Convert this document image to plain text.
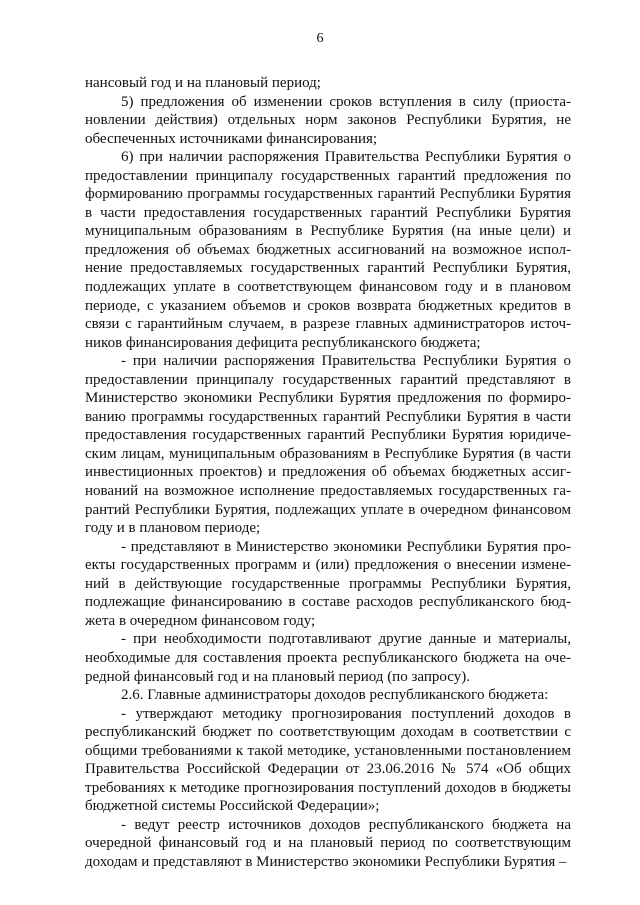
6

нансовый год и на плановый период;

5) предложения об изменении сроков вступления в силу (приостановлении действия) отдельных норм законов Республики Бурятия, не обеспеченных источниками финансирования;

6) при наличии распоряжения Правительства Республики Бурятия о предоставлении принципалу государственных гарантий предложения по формированию программы государственных гарантий Республики Бурятия в части предоставления государственных гарантий Республики Бурятия муниципальным образованиям в Республике Бурятия (на иные цели) и предложения об объемах бюджетных ассигнований на возможное исполнение предоставляемых государственных гарантий Республики Бурятия, подлежащих уплате в соответствующем финансовом году и в плановом периоде, с указанием объемов и сроков возврата бюджетных кредитов в связи с гарантийным случаем, в разрезе главных администраторов источников финансирования дефицита республиканского бюджета;

- при наличии распоряжения Правительства Республики Бурятия о предоставлении принципалу государственных гарантий представляют в Министерство экономики Республики Бурятия предложения по формированию программы государственных гарантий Республики Бурятия в части предоставления государственных гарантий Республики Бурятия юридическим лицам, муниципальным образованиям в Республике Бурятия (в части инвестиционных проектов) и предложения об объемах бюджетных ассигнований на возможное исполнение предоставляемых государственных гарантий Республики Бурятия, подлежащих уплате в очередном финансовом году и в плановом периоде;

- представляют в Министерство экономики Республики Бурятия проекты государственных программ и (или) предложения о внесении изменений в действующие государственные программы Республики Бурятия, подлежащие финансированию в составе расходов республиканского бюджета в очередном финансовом году;

- при необходимости подготавливают другие данные и материалы, необходимые для составления проекта республиканского бюджета на очередной финансовый год и на плановый период (по запросу).

2.6. Главные администраторы доходов республиканского бюджета:

- утверждают методику прогнозирования поступлений доходов в республиканский бюджет по соответствующим доходам в соответствии с общими требованиями к такой методике, установленными постановлением Правительства Российской Федерации от 23.06.2016 № 574 «Об общих требованиях к методике прогнозирования поступлений доходов в бюджеты бюджетной системы Российской Федерации»;

- ведут реестр источников доходов республиканского бюджета на очередной финансовый год и на плановый период по соответствующим доходам и представляют в Министерство экономики Республики Бурятия –
